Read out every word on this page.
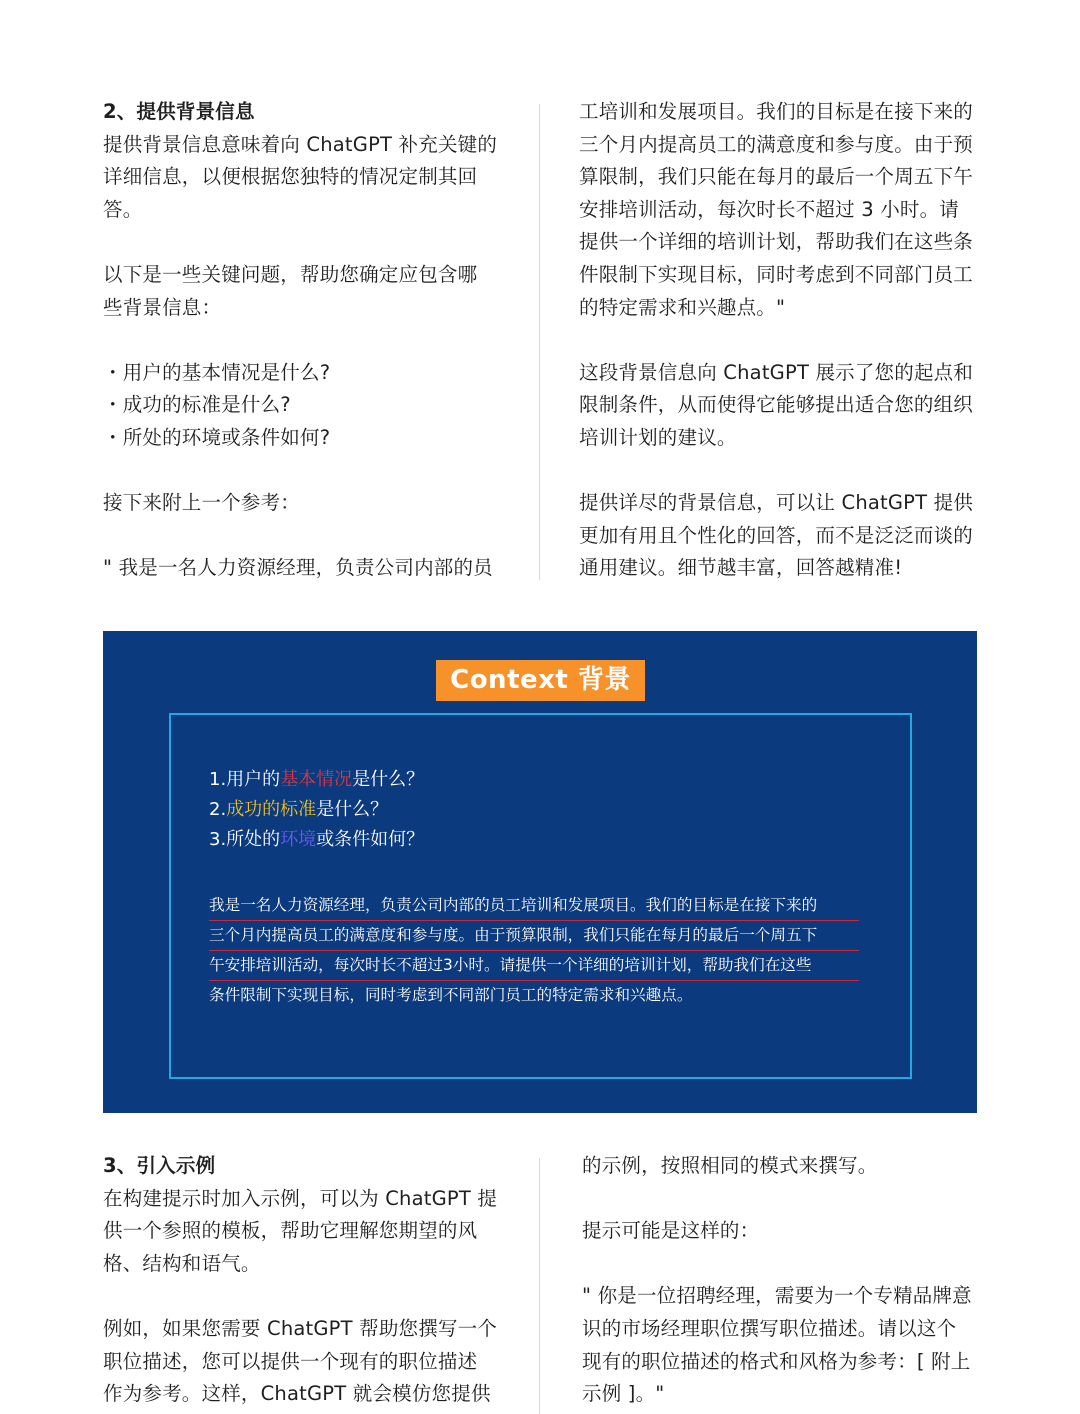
2、提供背景信息
提供背景信息意味着向 ChatGPT 补充关键的
详细信息，以便根据您独特的情况定制其回
答。
以下是一些关键问题，帮助您确定应包含哪
些背景信息：
・用户的基本情况是什么?
・成功的标准是什么?
・所处的环境或条件如何?
接下来附上一个参考：
" 我是一名人力资源经理，负责公司内部的员
工培训和发展项目。我们的目标是在接下来的
三个月内提高员工的满意度和参与度。由于预
算限制，我们只能在每月的最后一个周五下午
安排培训活动，每次时长不超过 3 小时。请
提供一个详细的培训计划，帮助我们在这些条
件限制下实现目标，同时考虑到不同部门员工
的特定需求和兴趣点。"
这段背景信息向 ChatGPT 展示了您的起点和
限制条件，从而使得它能够提出适合您的组织
培训计划的建议。
提供详尽的背景信息，可以让 ChatGPT 提供
更加有用且个性化的回答，而不是泛泛而谈的
通用建议。细节越丰富，回答越精准!
Context 背景
1.用户的基本情况是什么？
2.成功的标准是什么？
3.所处的环境或条件如何？
我是一名人力资源经理，负责公司内部的员工培训和发展项目。我们的目标是在接下来的
三个月内提高员工的满意度和参与度。由于预算限制，我们只能在每月的最后一个周五下
午安排培训活动，每次时长不超过3小时。请提供一个详细的培训计划，帮助我们在这些
条件限制下实现目标，同时考虑到不同部门员工的特定需求和兴趣点。
3、引入示例
在构建提示时加入示例，可以为 ChatGPT 提
供一个参照的模板，帮助它理解您期望的风
格、结构和语气。
例如，如果您需要 ChatGPT 帮助您撰写一个
职位描述，您可以提供一个现有的职位描述
作为参考。这样，ChatGPT 就会模仿您提供
的示例，按照相同的模式来撰写。
提示可能是这样的：
" 你是一位招聘经理，需要为一个专精品牌意
识的市场经理职位撰写职位描述。请以这个
现有的职位描述的格式和风格为参考：[ 附上
示例 ]。"
